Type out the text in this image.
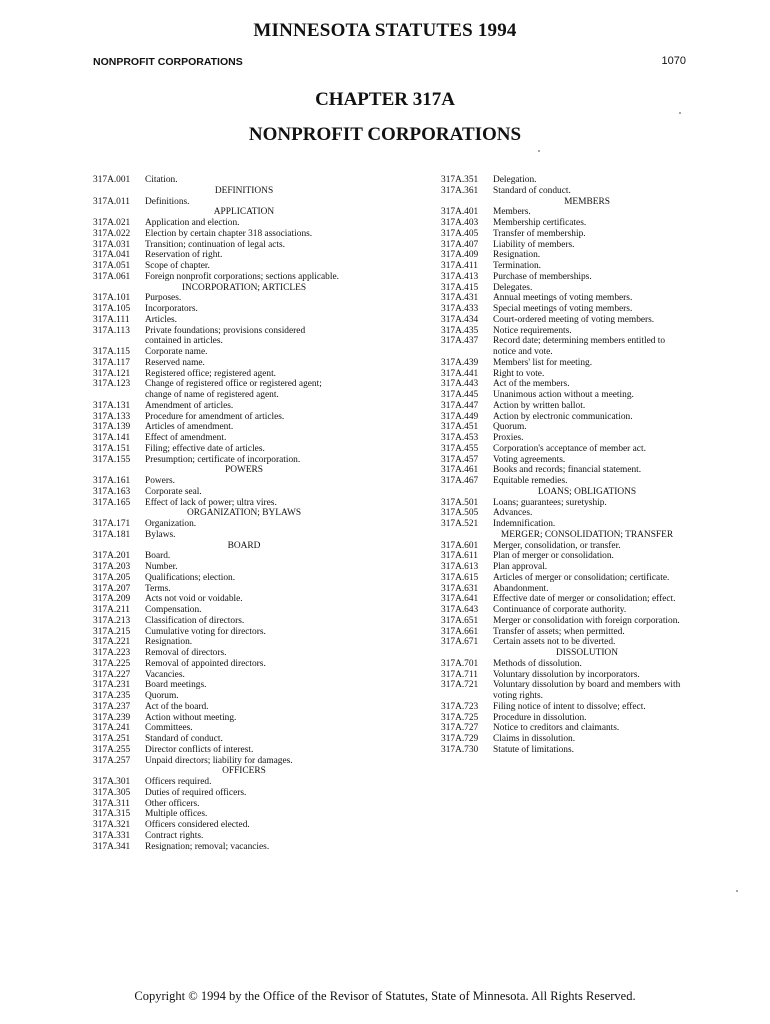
MINNESOTA STATUTES 1994
NONPROFIT CORPORATIONS	1070
CHAPTER 317A
NONPROFIT CORPORATIONS
317A.001	Citation.
DEFINITIONS
317A.011	Definitions.
APPLICATION
317A.021	Application and election.
317A.022	Election by certain chapter 318 associations.
317A.031	Transition; continuation of legal acts.
317A.041	Reservation of right.
317A.051	Scope of chapter.
317A.061	Foreign nonprofit corporations; sections applicable.
INCORPORATION; ARTICLES
317A.101	Purposes.
317A.105	Incorporators.
317A.111	Articles.
317A.113	Private foundations; provisions considered contained in articles.
317A.115	Corporate name.
317A.117	Reserved name.
317A.121	Registered office; registered agent.
317A.123	Change of registered office or registered agent; change of name of registered agent.
317A.131	Amendment of articles.
317A.133	Procedure for amendment of articles.
317A.139	Articles of amendment.
317A.141	Effect of amendment.
317A.151	Filing; effective date of articles.
317A.155	Presumption; certificate of incorporation.
POWERS
317A.161	Powers.
317A.163	Corporate seal.
317A.165	Effect of lack of power; ultra vires.
ORGANIZATION; BYLAWS
317A.171	Organization.
317A.181	Bylaws.
BOARD
317A.201	Board.
317A.203	Number.
317A.205	Qualifications; election.
317A.207	Terms.
317A.209	Acts not void or voidable.
317A.211	Compensation.
317A.213	Classification of directors.
317A.215	Cumulative voting for directors.
317A.221	Resignation.
317A.223	Removal of directors.
317A.225	Removal of appointed directors.
317A.227	Vacancies.
317A.231	Board meetings.
317A.235	Quorum.
317A.237	Act of the board.
317A.239	Action without meeting.
317A.241	Committees.
317A.251	Standard of conduct.
317A.255	Director conflicts of interest.
317A.257	Unpaid directors; liability for damages.
OFFICERS
317A.301	Officers required.
317A.305	Duties of required officers.
317A.311	Other officers.
317A.315	Multiple offices.
317A.321	Officers considered elected.
317A.331	Contract rights.
317A.341	Resignation; removal; vacancies.
317A.351	Delegation.
317A.361	Standard of conduct.
MEMBERS
317A.401	Members.
317A.403	Membership certificates.
317A.405	Transfer of membership.
317A.407	Liability of members.
317A.409	Resignation.
317A.411	Termination.
317A.413	Purchase of memberships.
317A.415	Delegates.
317A.431	Annual meetings of voting members.
317A.433	Special meetings of voting members.
317A.434	Court-ordered meeting of voting members.
317A.435	Notice requirements.
317A.437	Record date; determining members entitled to notice and vote.
317A.439	Members' list for meeting.
317A.441	Right to vote.
317A.443	Act of the members.
317A.445	Unanimous action without a meeting.
317A.447	Action by written ballot.
317A.449	Action by electronic communication.
317A.451	Quorum.
317A.453	Proxies.
317A.455	Corporation's acceptance of member act.
317A.457	Voting agreements.
317A.461	Books and records; financial statement.
317A.467	Equitable remedies.
LOANS; OBLIGATIONS
317A.501	Loans; guarantees; suretyship.
317A.505	Advances.
317A.521	Indemnification.
MERGER; CONSOLIDATION; TRANSFER
317A.601	Merger, consolidation, or transfer.
317A.611	Plan of merger or consolidation.
317A.613	Plan approval.
317A.615	Articles of merger or consolidation; certificate.
317A.631	Abandonment.
317A.641	Effective date of merger or consolidation; effect.
317A.643	Continuance of corporate authority.
317A.651	Merger or consolidation with foreign corporation.
317A.661	Transfer of assets; when permitted.
317A.671	Certain assets not to be diverted.
DISSOLUTION
317A.701	Methods of dissolution.
317A.711	Voluntary dissolution by incorporators.
317A.721	Voluntary dissolution by board and members with voting rights.
317A.723	Filing notice of intent to dissolve; effect.
317A.725	Procedure in dissolution.
317A.727	Notice to creditors and claimants.
317A.729	Claims in dissolution.
317A.730	Statute of limitations.
Copyright © 1994 by the Office of the Revisor of Statutes, State of Minnesota. All Rights Reserved.
